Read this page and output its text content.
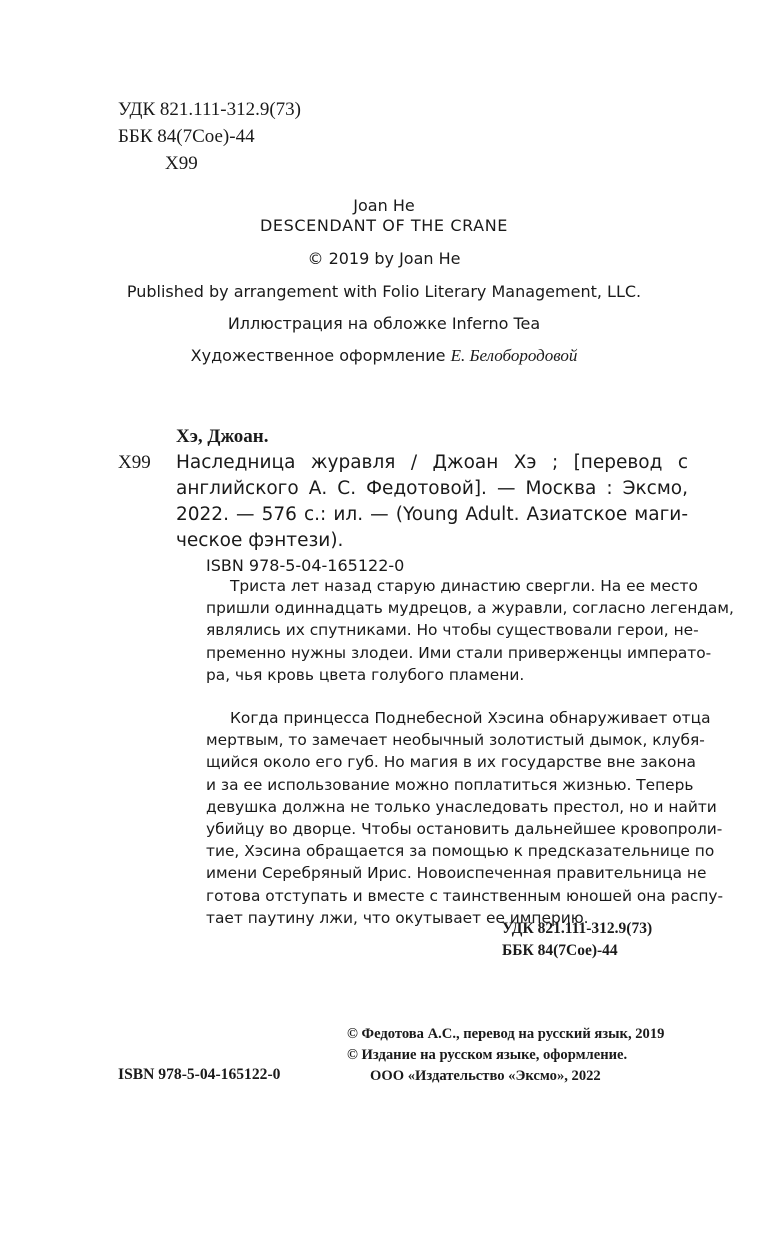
УДК 821.111-312.9(73)
ББК 84(7Сое)-44
Х99
Joan He
DESCENDANT OF THE CRANE
© 2019 by Joan He
Published by arrangement with Folio Literary Management, LLC.
Иллюстрация на обложке Inferno Tea
Художественное оформление Е. Белобородовой
Хэ, Джоан.
Х99 Наследница журавля / Джоан Хэ ; [перевод с
английского А. С. Федотовой]. — Москва : Эксмо,
2022. — 576 с.: ил. — (Young Adult. Азиатское маги-
ческое фэнтези).
ISBN 978-5-04-165122-0
Триста лет назад старую династию свергли. На ее место
пришли одиннадцать мудрецов, а журавли, согласно легендам,
являлись их спутниками. Но чтобы существовали герои, не-
пременно нужны злодеи. Ими стали приверженцы императо-
ра, чья кровь цвета голубого пламени.
Когда принцесса Поднебесной Хэсина обнаруживает отца
мертвым, то замечает необычный золотистый дымок, клубя-
щийся около его губ. Но магия в их государстве вне закона
и за ее использование можно поплатиться жизнью. Теперь
девушка должна не только унаследовать престол, но и найти
убийцу во дворце. Чтобы остановить дальнейшее кровопроли-
тие, Хэсина обращается за помощью к предсказательнице по
имени Серебряный Ирис. Новоиспеченная правительница не
готова отступать и вместе с таинственным юношей она распу-
тает паутину лжи, что окутывает ее империю.
УДК 821.111-312.9(73)
ББК 84(7Сое)-44
© Федотова А.С., перевод на русский язык, 2019
© Издание на русском языке, оформление.
ООО «Издательство «Эксмо», 2022
ISBN 978-5-04-165122-0
